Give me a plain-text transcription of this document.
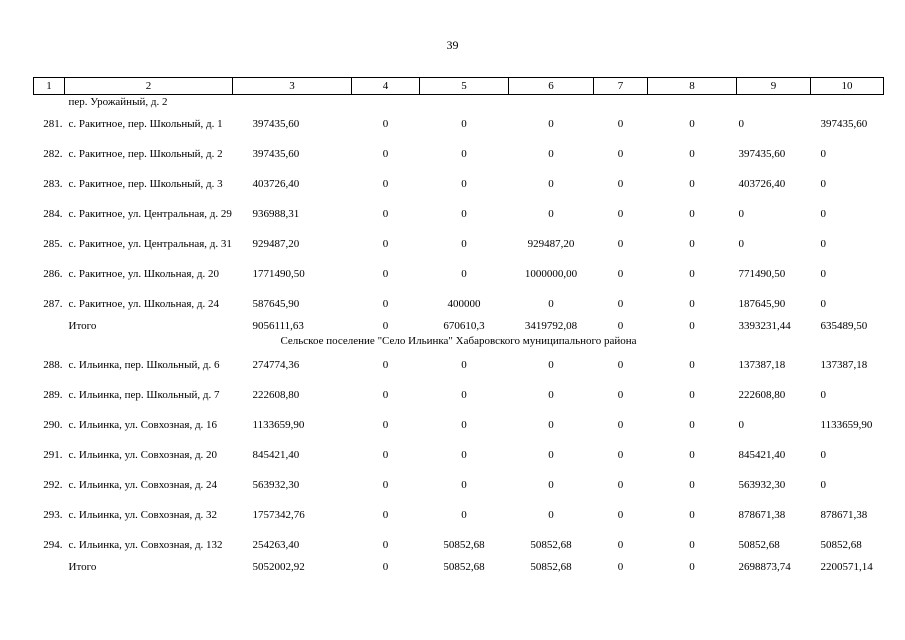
39
1	2	3	4	5	6	7	8	9	10
	пер. Урожайный, д. 2								
281.	с. Ракитное, пер. Школьный, д. 1	397435,60	0	0	0	0	0	0	397435,60
282.	с. Ракитное, пер. Школьный, д. 2	397435,60	0	0	0	0	0	397435,60	0
283.	с. Ракитное, пер. Школьный, д. 3	403726,40	0	0	0	0	0	403726,40	0
284.	с. Ракитное, ул. Центральная, д. 29	936988,31	0	0	0	0	0	0	0
285.	с. Ракитное, ул. Центральная, д. 31	929487,20	0	0	929487,20	0	0	0	0
286.	с. Ракитное, ул. Школьная, д. 20	1771490,50	0	0	1000000,00	0	0	771490,50	0
287.	с. Ракитное, ул. Школьная, д. 24	587645,90	0	400000	0	0	0	187645,90	0
	Итого	9056111,63	0	670610,3	3419792,08	0	0	3393231,44	635489,50
Сельское поселение "Село Ильинка" Хабаровского муниципального района									
288.	с. Ильинка, пер. Школьный, д. 6	274774,36	0	0	0	0	0	137387,18	137387,18
289.	с. Ильинка, пер. Школьный, д. 7	222608,80	0	0	0	0	0	222608,80	0
290.	с. Ильинка, ул. Совхозная, д. 16	1133659,90	0	0	0	0	0	0	1133659,90
291.	с. Ильинка, ул. Совхозная, д. 20	845421,40	0	0	0	0	0	845421,40	0
292.	с. Ильинка, ул. Совхозная, д. 24	563932,30	0	0	0	0	0	563932,30	0
293.	с. Ильинка, ул. Совхозная, д. 32	1757342,76	0	0	0	0	0	878671,38	878671,38
294.	с. Ильинка, ул. Совхозная, д. 132	254263,40	0	50852,68	50852,68	0	0	50852,68	50852,68
	Итого	5052002,92	0	50852,68	50852,68	0	0	2698873,74	2200571,14
